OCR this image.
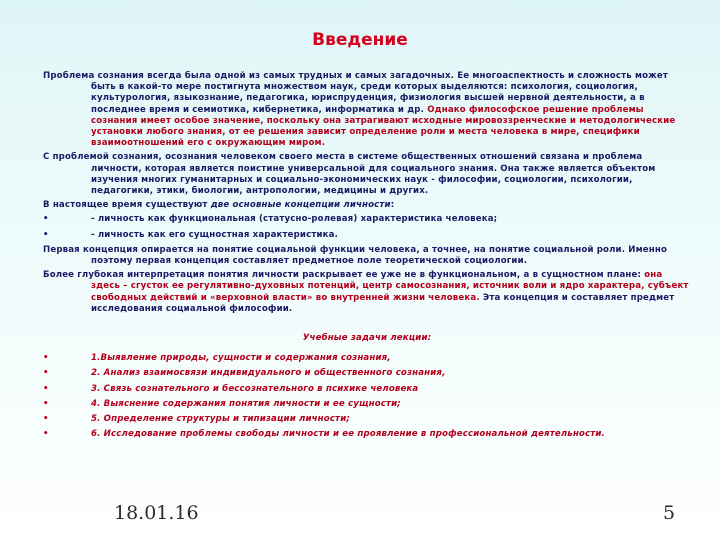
Введение
Проблема сознания всегда была одной из самых трудных и самых загадочных. Ее многоаспектность и сложность может быть в какой-то мере постигнута множеством наук, среди которых выделяются: психология, социология, культурология, языкознание, педагогика, юриспруденция, физиология высшей нервной деятельности, а в последнее время и семиотика, кибернетика, информатика и др. Однако философское решение проблемы сознания имеет особое значение, поскольку она затрагивают исходные мировоззренческие и методологические установки любого знания, от ее решения зависит определение роли и места человека в мире, специфики взаимоотношений его с окружающим миром.
С проблемой сознания, осознания человеком своего места в системе общественных отношений связана и проблема личности, которая является поистине универсальной для социального знания. Она также является объектом изучения многих гуманитарных и социально-экономических наук - философии, социологии, психологии, педагогики, этики, биологии, антропологии, медицины и других.
В настоящее время существуют две основные концепции личности:
•	- личность как функциональная (статусно-ролевая) характеристика человека;
•	- личность как его сущностная характеристика.
Первая концепция опирается на понятие социальной функции человека, а точнее, на понятие социальной роли. Именно поэтому первая концепция составляет предметное поле теоретической социологии.
Более глубокая интерпретация понятия личности раскрывает ее уже не в функциональном, а в сущностном плане: она здесь – сгусток ее регулятивно-духовных потенций, центр самосознания, источник воли и ядро характера, субъект свободных действий и «верховной власти» во внутренней жизни человека. Эта концепция и составляет предмет исследования социальной философии.
Учебные задачи лекции:
•	1.Выявление природы, сущности и содержания сознания,
•	2. Анализ взаимосвязи индивидуального и общественного сознания,
•	3. Связь сознательного и бессознательного в психике человека
•	4. Выяснение содержания понятия личности и ее сущности;
•	5. Определение структуры и типизации личности;
•	6. Исследование проблемы свободы личности и ее проявление в профессиональной деятельности.
18.01.16	5
